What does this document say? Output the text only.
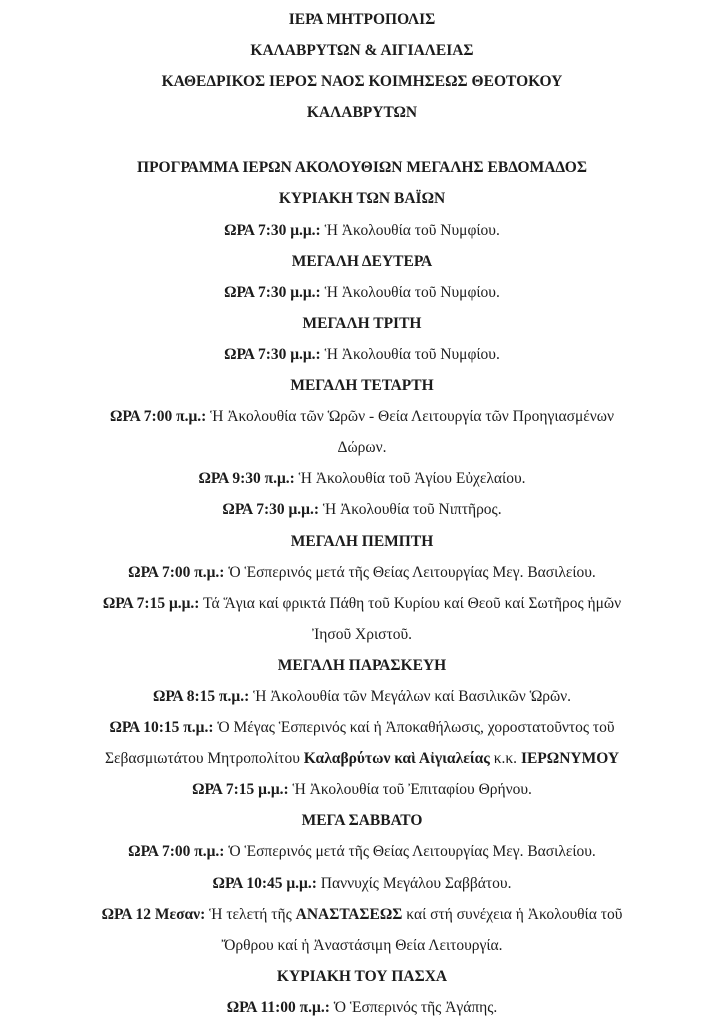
ΙΕΡΑ ΜΗΤΡΟΠΟΛΙΣ

ΚΑΛΑΒΡΥΤΩΝ & ΑΙΓΙΑΛΕΙΑΣ

ΚΑΘΕΔΡΙΚΟΣ ΙΕΡΟΣ ΝΑΟΣ ΚΟΙΜΗΣΕΩΣ ΘΕΟΤΟΚΟΥ

ΚΑΛΑΒΡΥΤΩΝ

ΠΡΟΓΡΑΜΜΑ ΙΕΡΩΝ ΑΚΟΛΟΥΘΙΩΝ ΜΕΓΑΛΗΣ ΕΒΔΟΜΑΔΟΣ

ΚΥΡΙΑΚΗ ΤΩΝ ΒΑΪΩΝ

ΩΡΑ 7:30 μ.μ.: Ἡ Ἀκολουθία τοῦ Νυμφίου.

ΜΕΓΑΛΗ ΔΕΥΤΕΡΑ

ΩΡΑ 7:30 μ.μ.: Ἡ Ἀκολουθία τοῦ Νυμφίου.

ΜΕΓΑΛΗ ΤΡΙΤΗ

ΩΡΑ 7:30 μ.μ.: Ἡ Ἀκολουθία τοῦ Νυμφίου.

ΜΕΓΑΛΗ ΤΕΤΑΡΤΗ

ΩΡΑ 7:00 π.μ.: Ἡ Ἀκολουθία τῶν Ὡρῶν - Θεία Λειτουργία τῶν Προηγιασμένων

Δώρων.

ΩΡΑ 9:30 π.μ.: Ἡ Ἀκολουθία τοῦ Ἁγίου Εὐχελαίου.

ΩΡΑ 7:30 μ.μ.: Ἡ Ἀκολουθία τοῦ Νιπτῆρος.

ΜΕΓΑΛΗ ΠΕΜΠΤΗ

ΩΡΑ 7:00 π.μ.: Ὁ Ἑσπερινός μετά τῆς Θείας Λειτουργίας Μεγ. Βασιλείου.

ΩΡΑ 7:15 μ.μ.: Τά Ἅγια καί φρικτά Πάθη τοῦ Κυρίου καί Θεοῦ καί Σωτῆρος ἡμῶν

Ἰησοῦ Χριστοῦ.

ΜΕΓΑΛΗ ΠΑΡΑΣΚΕΥΗ

ΩΡΑ 8:15 π.μ.: Ἡ Ἀκολουθία τῶν Μεγάλων καί Βασιλικῶν Ὡρῶν.

ΩΡΑ 10:15 π.μ.: Ὁ Μέγας Ἑσπερινός καί ἡ Ἀποκαθήλωσις, χοροστατοῦντος τοῦ

Σεβασμιωτάτου Μητροπολίτου Καλαβρύτων καὶ Αἰγιαλείας κ.κ. ΙΕΡΩΝΥΜΟΥ

ΩΡΑ 7:15 μ.μ.: Ἡ Ἀκολουθία τοῦ Ἐπιταφίου Θρήνου.

ΜΕΓΑ ΣΑΒΒΑΤΟ

ΩΡΑ 7:00 π.μ.: Ὁ Ἑσπερινός μετά τῆς Θείας Λειτουργίας Μεγ. Βασιλείου.

ΩΡΑ 10:45 μ.μ.: Παννυχίς Μεγάλου Σαββάτου.

ΩΡΑ 12 Μεσαν: Ἡ τελετή τῆς ΑΝΑΣΤΑΣΕΩΣ καί στή συνέχεια ἡ Ἀκολουθία τοῦ

Ὄρθρου καί ἡ Ἀναστάσιμη Θεία Λειτουργία.

ΚΥΡΙΑΚΗ ΤΟΥ ΠΑΣΧΑ

ΩΡΑ 11:00 π.μ.: Ὁ Ἑσπερινός τῆς Ἀγάπης.
